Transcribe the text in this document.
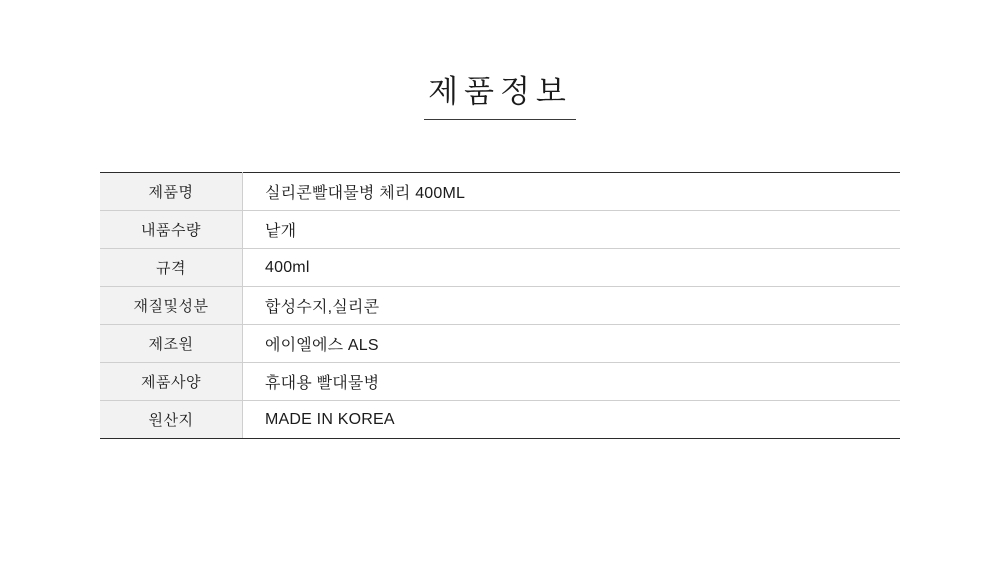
제품정보
제품명	실리콘빨대물병 체리 400ML
내품수량	낱개
규격	400ml
재질및성분	합성수지,실리콘
제조원	에이엘에스 ALS
제품사양	휴대용 빨대물병
원산지	MADE IN KOREA
